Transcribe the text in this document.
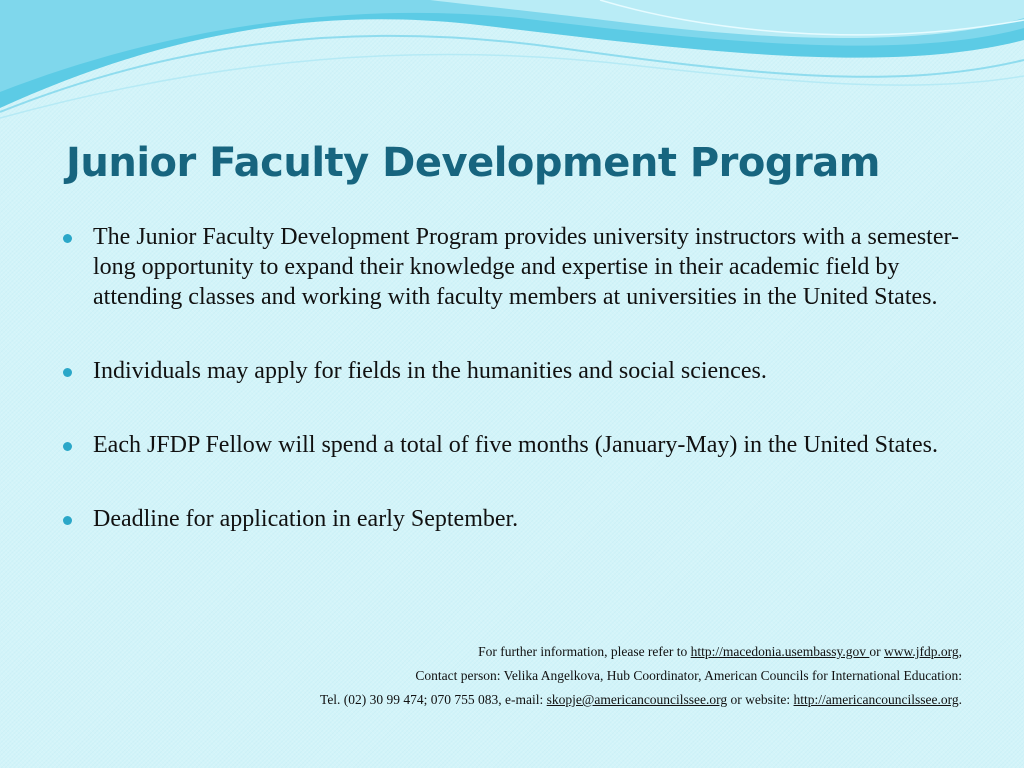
Junior Faculty Development Program
The Junior Faculty Development Program provides university instructors with a semester-long opportunity to expand their knowledge and expertise in their academic field by attending classes and working with faculty members at universities in the United States.
Individuals may apply for fields in the humanities and social sciences.
Each JFDP Fellow will spend a total of five months (January-May) in the United States.
Deadline for application in early September.
For further information, please refer to http://macedonia.usembassy.gov or www.jfdp.org,
Contact person: Velika Angelkova, Hub Coordinator, American Councils for International Education:
Tel. (02) 30 99 474; 070 755 083, e-mail: skopje@americancouncilssee.org or website: http://americancouncilssee.org.
